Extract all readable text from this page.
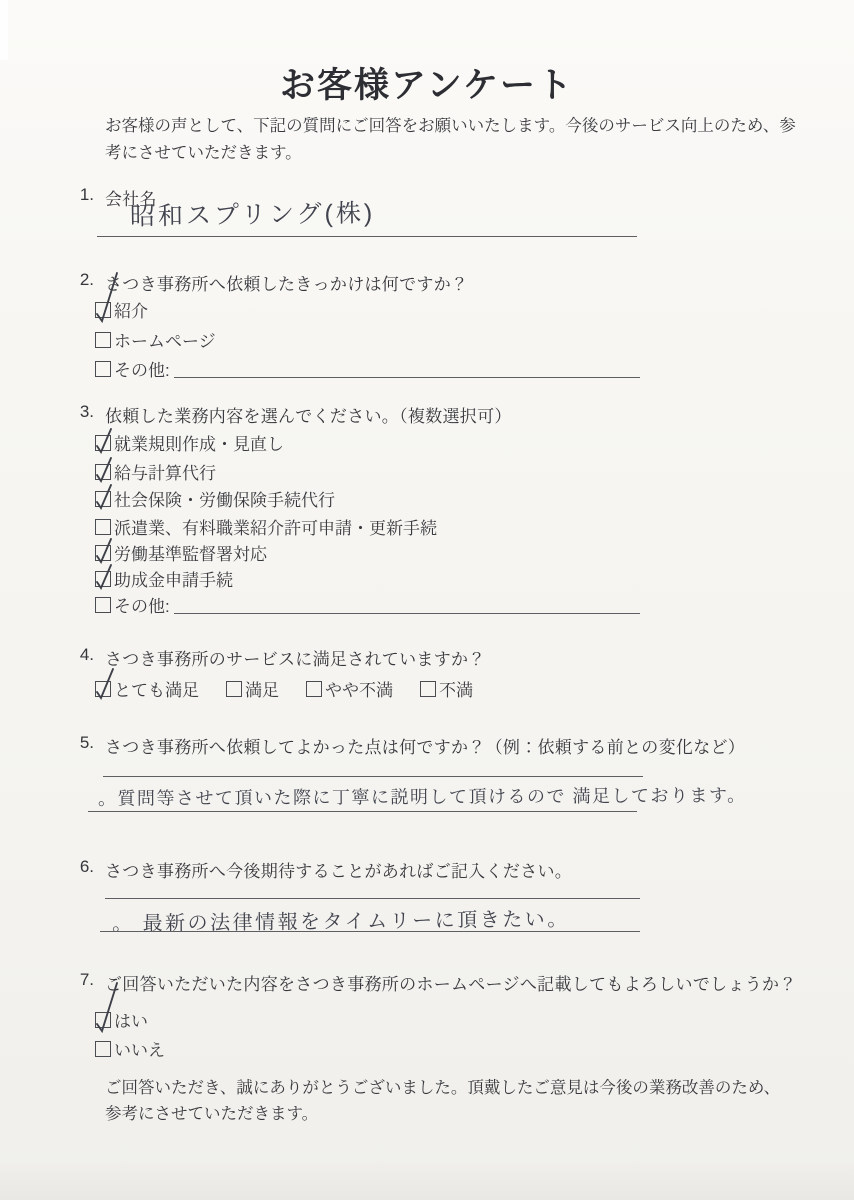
お客様アンケート
お客様の声として、下記の質問にご回答をお願いいたします。今後のサービス向上のため、参考にさせていただきます。
1. 会社名
昭和スプリング(株)
2. さつき事務所へ依頼したきっかけは何ですか？
紹介
ホームページ
その他:
3. 依頼した業務内容を選んでください。（複数選択可）
就業規則作成・見直し
給与計算代行
社会保険・労働保険手続代行
派遣業、有料職業紹介許可申請・更新手続
労働基準監督署対応
助成金申請手続
その他:
4. さつき事務所のサービスに満足されていますか？
とても満足	満足	やや不満	不満
5. さつき事務所へ依頼してよかった点は何ですか？（例：依頼する前との変化など）
。質問等させて頂いた際に丁寧に説明して頂けるので 満足しております。
6. さつき事務所へ今後期待することがあればご記入ください。
。 最新の法律情報をタイムリーに頂きたい。
7. ご回答いただいた内容をさつき事務所のホームページへ記載してもよろしいでしょうか？
はい
いいえ
ご回答いただき、誠にありがとうございました。頂戴したご意見は今後の業務改善のため、参考にさせていただきます。
